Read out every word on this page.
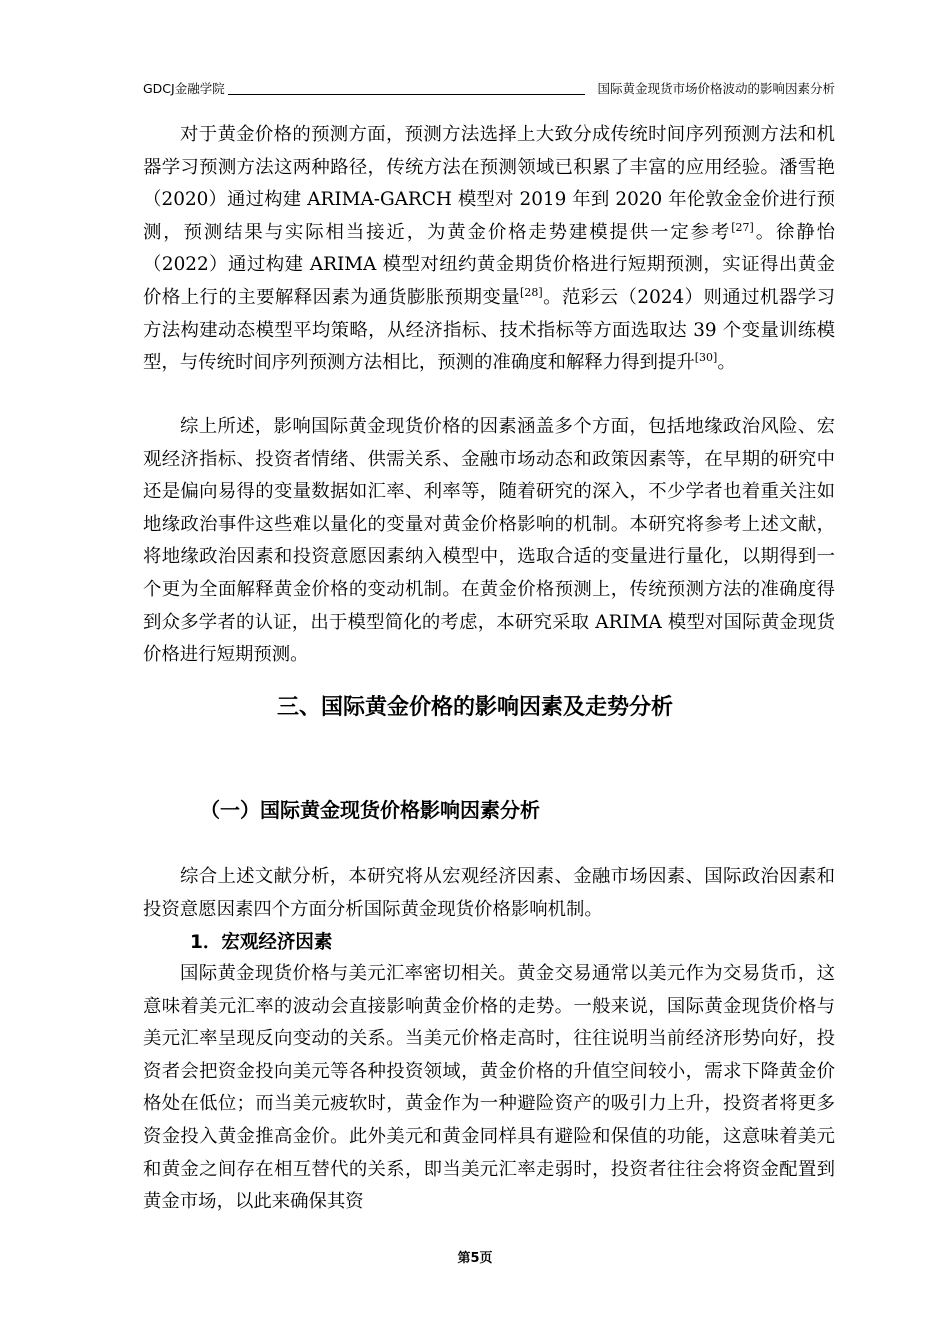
GDCJ金融学院	国际黄金现货市场价格波动的影响因素分析

对于黄金价格的预测方面，预测方法选择上大致分成传统时间序列预测方法和机器学习预测方法这两种路径，传统方法在预测领域已积累了丰富的应用经验。潘雪艳（2020）通过构建 ARIMA-GARCH 模型对 2019 年到 2020 年伦敦金金价进行预测，预测结果与实际相当接近，为黄金价格走势建模提供一定参考[27]。徐静怡（2022）通过构建 ARIMA 模型对纽约黄金期货价格进行短期预测，实证得出黄金价格上行的主要解释因素为通货膨胀预期变量[28]。范彩云（2024）则通过机器学习方法构建动态模型平均策略，从经济指标、技术指标等方面选取达 39 个变量训练模型，与传统时间序列预测方法相比，预测的准确度和解释力得到提升[30]。

综上所述，影响国际黄金现货价格的因素涵盖多个方面，包括地缘政治风险、宏观经济指标、投资者情绪、供需关系、金融市场动态和政策因素等，在早期的研究中还是偏向易得的变量数据如汇率、利率等，随着研究的深入，不少学者也着重关注如地缘政治事件这些难以量化的变量对黄金价格影响的机制。本研究将参考上述文献，将地缘政治因素和投资意愿因素纳入模型中，选取合适的变量进行量化，以期得到一个更为全面解释黄金价格的变动机制。在黄金价格预测上，传统预测方法的准确度得到众多学者的认证，出于模型简化的考虑，本研究采取 ARIMA 模型对国际黄金现货价格进行短期预测。

三、国际黄金价格的影响因素及走势分析
（一）国际黄金现货价格影响因素分析

综合上述文献分析，本研究将从宏观经济因素、金融市场因素、国际政治因素和投资意愿因素四个方面分析国际黄金现货价格影响机制。

1．宏观经济因素

国际黄金现货价格与美元汇率密切相关。黄金交易通常以美元作为交易货币，这意味着美元汇率的波动会直接影响黄金价格的走势。一般来说，国际黄金现货价格与美元汇率呈现反向变动的关系。当美元价格走高时，往往说明当前经济形势向好，投资者会把资金投向美元等各种投资领域，黄金价格的升值空间较小，需求下降黄金价格处在低位；而当美元疲软时，黄金作为一种避险资产的吸引力上升，投资者将更多资金投入黄金推高金价。此外美元和黄金同样具有避险和保值的功能，这意味着美元和黄金之间存在相互替代的关系，即当美元汇率走弱时，投资者往往会将资金配置到黄金市场，以此来确保其资

第5页
